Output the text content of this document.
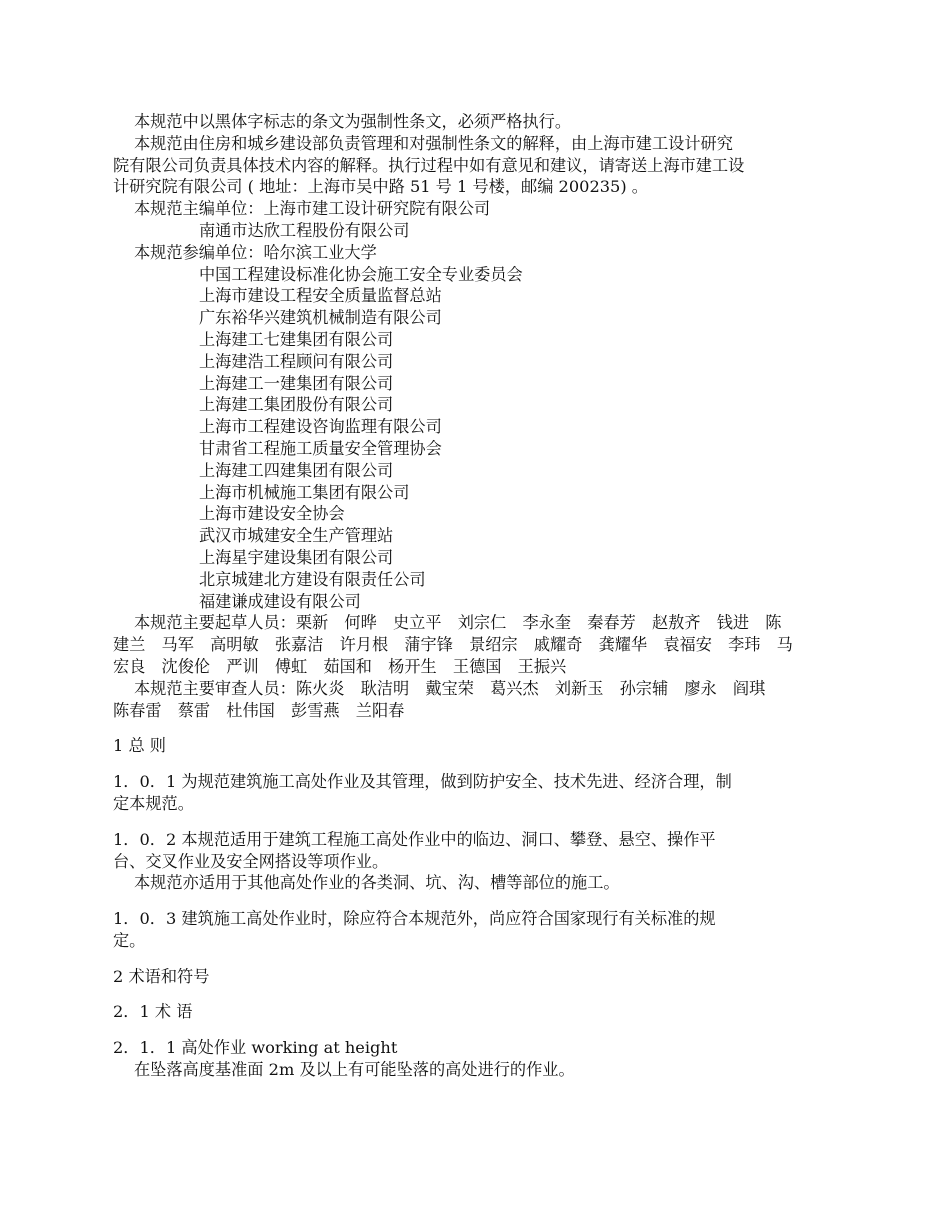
本规范中以黑体字标志的条文为强制性条文，必须严格执行。

本规范由住房和城乡建设部负责管理和对强制性条文的解释，由上海市建工设计研究

院有限公司负责具体技术内容的解释。执行过程中如有意见和建议，请寄送上海市建工设

计研究院有限公司 ( 地址：上海市吴中路 51 号 1 号楼，邮编 200235) 。

本规范主编单位：上海市建工设计研究院有限公司

南通市达欣工程股份有限公司

本规范参编单位：哈尔滨工业大学

中国工程建设标准化协会施工安全专业委员会

上海市建设工程安全质量监督总站

广东裕华兴建筑机械制造有限公司

上海建工七建集团有限公司

上海建浩工程顾问有限公司

上海建工一建集团有限公司

上海建工集团股份有限公司

上海市工程建设咨询监理有限公司

甘肃省工程施工质量安全管理协会

上海建工四建集团有限公司

上海市机械施工集团有限公司

上海市建设安全协会

武汉市城建安全生产管理站

上海星宇建设集团有限公司

北京城建北方建设有限责任公司

福建谦成建设有限公司

本规范主要起草人员：栗新　何晔　史立平　刘宗仁　李永奎　秦春芳　赵敖齐　钱进　陈

建兰　马军　高明敏　张嘉洁　许月根　蒲宇锋　景绍宗　戚耀奇　龚耀华　袁福安　李玮　马

宏良　沈俊伦　严训　傅虹　茹国和　杨开生　王德国　王振兴

本规范主要审查人员：陈火炎　耿洁明　戴宝荣　葛兴杰　刘新玉　孙宗辅　廖永　阎琪

陈春雷　蔡雷　杜伟国　彭雪燕　兰阳春

1 总 则

1．0．1 为规范建筑施工高处作业及其管理，做到防护安全、技术先进、经济合理，制

定本规范。

1．0．2 本规范适用于建筑工程施工高处作业中的临边、洞口、攀登、悬空、操作平

台、交叉作业及安全网搭设等项作业。

本规范亦适用于其他高处作业的各类洞、坑、沟、槽等部位的施工。

1．0．3 建筑施工高处作业时，除应符合本规范外，尚应符合国家现行有关标准的规

定。

2 术语和符号

2．1 术 语

2．1．1 高处作业 working at height

在坠落高度基准面 2m 及以上有可能坠落的高处进行的作业。
